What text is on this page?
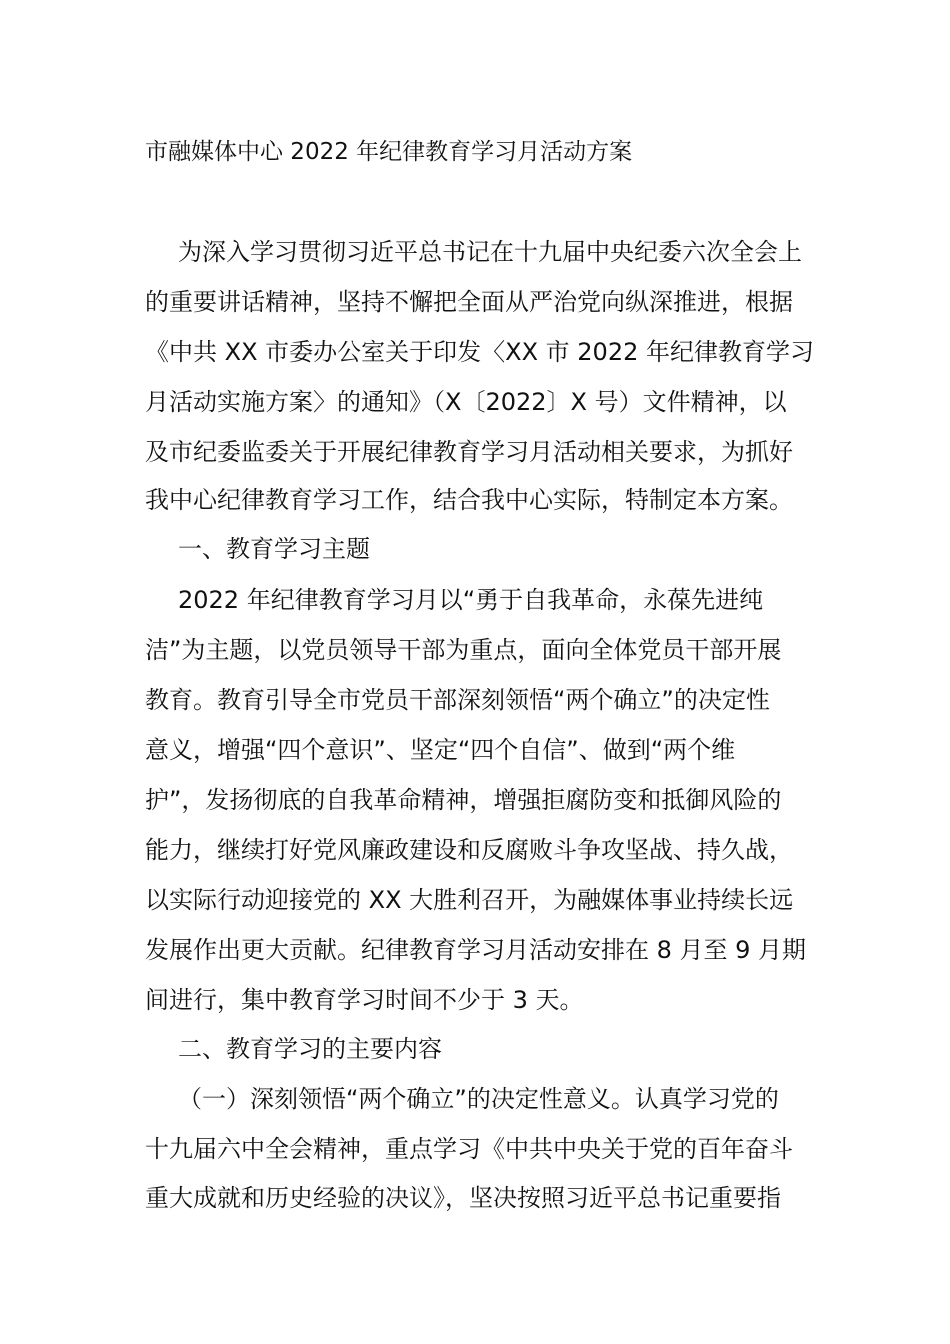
市融媒体中心 2022 年纪律教育学习月活动方案

为深入学习贯彻习近平总书记在十九届中央纪委六次全会上

的重要讲话精神，坚持不懈把全面从严治党向纵深推进，根据

《中共 XX 市委办公室关于印发〈XX 市 2022 年纪律教育学习

月活动实施方案〉的通知》（X〔2022〕X 号）文件精神，以

及市纪委监委关于开展纪律教育学习月活动相关要求，为抓好

我中心纪律教育学习工作，结合我中心实际，特制定本方案。

一、教育学习主题

2022 年纪律教育学习月以“勇于自我革命，永葆先进纯

洁”为主题，以党员领导干部为重点，面向全体党员干部开展

教育。教育引导全市党员干部深刻领悟“两个确立”的决定性

意义，增强“四个意识”、坚定“四个自信”、做到“两个维

护”，发扬彻底的自我革命精神，增强拒腐防变和抵御风险的

能力，继续打好党风廉政建设和反腐败斗争攻坚战、持久战，

以实际行动迎接党的 XX 大胜利召开，为融媒体事业持续长远

发展作出更大贡献。纪律教育学习月活动安排在 8 月至 9 月期

间进行，集中教育学习时间不少于 3 天。

二、教育学习的主要内容

（一）深刻领悟“两个确立”的决定性意义。认真学习党的

十九届六中全会精神，重点学习《中共中央关于党的百年奋斗

重大成就和历史经验的决议》，坚决按照习近平总书记重要指
